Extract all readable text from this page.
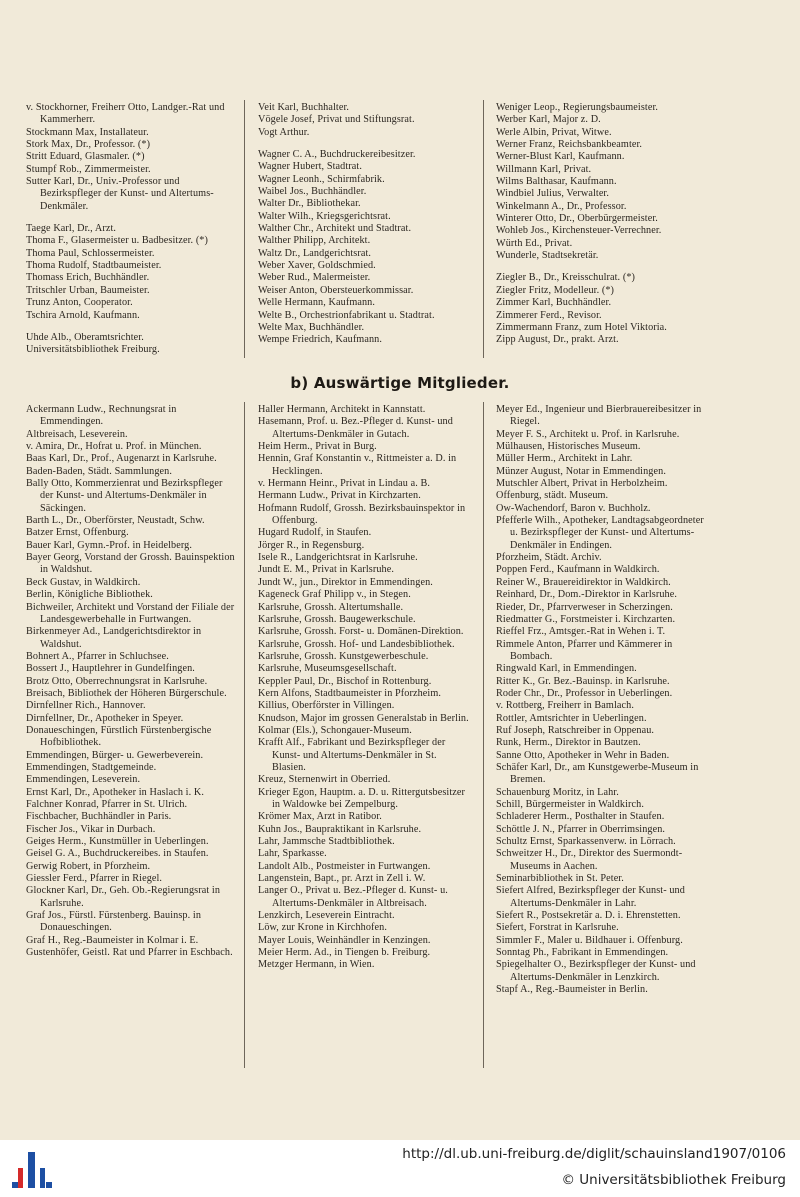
v. Stockhorner, Freiherr Otto, Landger.-Rat und Kammerherr.

Stockmann Max, Installateur.

Stork Max, Dr., Professor. (*)

Stritt Eduard, Glasmaler. (*)

Stumpf Rob., Zimmermeister.

Sutter Karl, Dr., Univ.-Professor und Bezirkspfleger der Kunst- und Altertums-Denkmäler.

Taege Karl, Dr., Arzt.

Thoma F., Glasermeister u. Badbesitzer. (*)

Thoma Paul, Schlossermeister.

Thoma Rudolf, Stadtbaumeister.

Thomass Erich, Buchhändler.

Tritschler Urban, Baumeister.

Trunz Anton, Cooperator.

Tschira Arnold, Kaufmann.

Uhde Alb., Oberamtsrichter.

Universitätsbibliothek Freiburg.

Veit Karl, Buchhalter.

Vögele Josef, Privat und Stiftungsrat.

Vogt Arthur.

Wagner C. A., Buchdruckereibesitzer.

Wagner Hubert, Stadtrat.

Wagner Leonh., Schirmfabrik.

Waibel Jos., Buchhändler.

Walter Dr., Bibliothekar.

Walter Wilh., Kriegsgerichtsrat.

Walther Chr., Architekt und Stadtrat.

Walther Philipp, Architekt.

Waltz Dr., Landgerichtsrat.

Weber Xaver, Goldschmied.

Weber Rud., Malermeister.

Weiser Anton, Obersteuerkommissar.

Welle Hermann, Kaufmann.

Welte B., Orchestrionfabrikant u. Stadtrat.

Welte Max, Buchhändler.

Wempe Friedrich, Kaufmann.

Weniger Leop., Regierungsbaumeister.

Werber Karl, Major z. D.

Werle Albin, Privat, Witwe.

Werner Franz, Reichsbankbeamter.

Werner-Blust Karl, Kaufmann.

Willmann Karl, Privat.

Wilms Balthasar, Kaufmann.

Windbiel Julius, Verwalter.

Winkelmann A., Dr., Professor.

Winterer Otto, Dr., Oberbürgermeister.

Wohleb Jos., Kirchensteuer-Verrechner.

Würth Ed., Privat.

Wunderle, Stadtsekretär.

Ziegler B., Dr., Kreisschulrat. (*)

Ziegler Fritz, Modelleur. (*)

Zimmer Karl, Buchhändler.

Zimmerer Ferd., Revisor.

Zimmermann Franz, zum Hotel Viktoria.

Zipp August, Dr., prakt. Arzt.

b) Auswärtige Mitglieder.

Ackermann Ludw., Rechnungsrat in Emmendingen.

Altbreisach, Leseverein.

v. Amira, Dr., Hofrat u. Prof. in München.

Baas Karl, Dr., Prof., Augenarzt in Karlsruhe.

Baden-Baden, Städt. Sammlungen.

Bally Otto, Kommerzienrat und Bezirkspfleger der Kunst- und Altertums-Denkmäler in Säckingen.

Barth L., Dr., Oberförster, Neustadt, Schw.

Batzer Ernst, Offenburg.

Bauer Karl, Gymn.-Prof. in Heidelberg.

Bayer Georg, Vorstand der Grossh. Bauinspektion in Waldshut.

Beck Gustav, in Waldkirch.

Berlin, Königliche Bibliothek.

Bichweiler, Architekt und Vorstand der Filiale der Landesgewerbehalle in Furtwangen.

Birkenmeyer Ad., Landgerichtsdirektor in Waldshut.

Bohnert A., Pfarrer in Schluchsee.

Bossert J., Hauptlehrer in Gundelfingen.

Brotz Otto, Oberrechnungsrat in Karlsruhe.

Breisach, Bibliothek der Höheren Bürgerschule.

Dirnfellner Rich., Hannover.

Dirnfellner, Dr., Apotheker in Speyer.

Donaueschingen, Fürstlich Fürstenbergische Hofbibliothek.

Emmendingen, Bürger- u. Gewerbeverein.

Emmendingen, Stadtgemeinde.

Emmendingen, Leseverein.

Ernst Karl, Dr., Apotheker in Haslach i. K.

Falchner Konrad, Pfarrer in St. Ulrich.

Fischbacher, Buchhändler in Paris.

Fischer Jos., Vikar in Durbach.

Geiges Herm., Kunstmüller in Ueberlingen.

Geisel G. A., Buchdruckereibes. in Staufen.

Gerwig Robert, in Pforzheim.

Giessler Ferd., Pfarrer in Riegel.

Glockner Karl, Dr., Geh. Ob.-Regierungsrat in Karlsruhe.

Graf Jos., Fürstl. Fürstenberg. Bauinsp. in Donaueschingen.

Graf H., Reg.-Baumeister in Kolmar i. E.

Gustenhöfer, Geistl. Rat und Pfarrer in Eschbach.

Haller Hermann, Architekt in Kannstatt.

Hasemann, Prof. u. Bez.-Pfleger d. Kunst- und Altertums-Denkmäler in Gutach.

Heim Herm., Privat in Burg.

Hennin, Graf Konstantin v., Rittmeister a. D. in Hecklingen.

v. Hermann Heinr., Privat in Lindau a. B.

Hermann Ludw., Privat in Kirchzarten.

Hofmann Rudolf, Grossh. Bezirksbauinspektor in Offenburg.

Hugard Rudolf, in Staufen.

Jörger R., in Regensburg.

Isele R., Landgerichtsrat in Karlsruhe.

Jundt E. M., Privat in Karlsruhe.

Jundt W., jun., Direktor in Emmendingen.

Kageneck Graf Philipp v., in Stegen.

Karlsruhe, Grossh. Altertumshalle.

Karlsruhe, Grossh. Baugewerkschule.

Karlsruhe, Grossh. Forst- u. Domänen-Direktion.

Karlsruhe, Grossh. Hof- und Landesbibliothek.

Karlsruhe, Grossh. Kunstgewerbeschule.

Karlsruhe, Museumsgesellschaft.

Keppler Paul, Dr., Bischof in Rottenburg.

Kern Alfons, Stadtbaumeister in Pforzheim.

Killius, Oberförster in Villingen.

Knudson, Major im grossen Generalstab in Berlin.

Kolmar (Els.), Schongauer-Museum.

Krafft Alf., Fabrikant und Bezirkspfleger der Kunst- und Altertums-Denkmäler in St. Blasien.

Kreuz, Sternenwirt in Oberried.

Krieger Egon, Hauptm. a. D. u. Rittergutsbesitzer in Waldowke bei Zempelburg.

Krömer Max, Arzt in Ratibor.

Kuhn Jos., Baupraktikant in Karlsruhe.

Lahr, Jammsche Stadtbibliothek.

Lahr, Sparkasse.

Landolt Alb., Postmeister in Furtwangen.

Langenstein, Bapt., pr. Arzt in Zell i. W.

Langer O., Privat u. Bez.-Pfleger d. Kunst- u. Altertums-Denkmäler in Altbreisach.

Lenzkirch, Leseverein Eintracht.

Löw, zur Krone in Kirchhofen.

Mayer Louis, Weinhändler in Kenzingen.

Meier Herm. Ad., in Tiengen b. Freiburg.

Metzger Hermann, in Wien.

Meyer Ed., Ingenieur und Bierbrauereibesitzer in Riegel.

Meyer F. S., Architekt u. Prof. in Karlsruhe.

Mülhausen, Historisches Museum.

Müller Herm., Architekt in Lahr.

Münzer August, Notar in Emmendingen.

Mutschler Albert, Privat in Herbolzheim.

Offenburg, städt. Museum.

Ow-Wachendorf, Baron v. Buchholz.

Pfefferle Wilh., Apotheker, Landtagsabgeordneter u. Bezirkspfleger der Kunst- und Altertums-Denkmäler in Endingen.

Pforzheim, Städt. Archiv.

Poppen Ferd., Kaufmann in Waldkirch.

Reiner W., Brauereidirektor in Waldkirch.

Reinhard, Dr., Dom.-Direktor in Karlsruhe.

Rieder, Dr., Pfarrverweser in Scherzingen.

Riedmatter G., Forstmeister i. Kirchzarten.

Rieffel Frz., Amtsger.-Rat in Wehen i. T.

Rimmele Anton, Pfarrer und Kämmerer in Bombach.

Ringwald Karl, in Emmendingen.

Ritter K., Gr. Bez.-Bauinsp. in Karlsruhe.

Roder Chr., Dr., Professor in Ueberlingen.

v. Rottberg, Freiherr in Bamlach.

Rottler, Amtsrichter in Ueberlingen.

Ruf Joseph, Ratschreiber in Oppenau.

Runk, Herm., Direktor in Bautzen.

Sanne Otto, Apotheker in Wehr in Baden.

Schäfer Karl, Dr., am Kunstgewerbe-Museum in Bremen.

Schauenburg Moritz, in Lahr.

Schill, Bürgermeister in Waldkirch.

Schladerer Herm., Posthalter in Staufen.

Schöttle J. N., Pfarrer in Oberrimsingen.

Schultz Ernst, Sparkassenverw. in Lörrach.

Schweitzer H., Dr., Direktor des Suermondt-Museums in Aachen.

Seminarbibliothek in St. Peter.

Siefert Alfred, Bezirkspfleger der Kunst- und Altertums-Denkmäler in Lahr.

Siefert R., Postsekretär a. D. i. Ehrenstetten.

Siefert, Forstrat in Karlsruhe.

Simmler F., Maler u. Bildhauer i. Offenburg.

Sonntag Ph., Fabrikant in Emmendingen.

Spiegelhalter O., Bezirkspfleger der Kunst- und Altertums-Denkmäler in Lenzkirch.

Stapf A., Reg.-Baumeister in Berlin.

http://dl.ub.uni-freiburg.de/diglit/schauinsland1907/0106
© Universitätsbibliothek Freiburg
